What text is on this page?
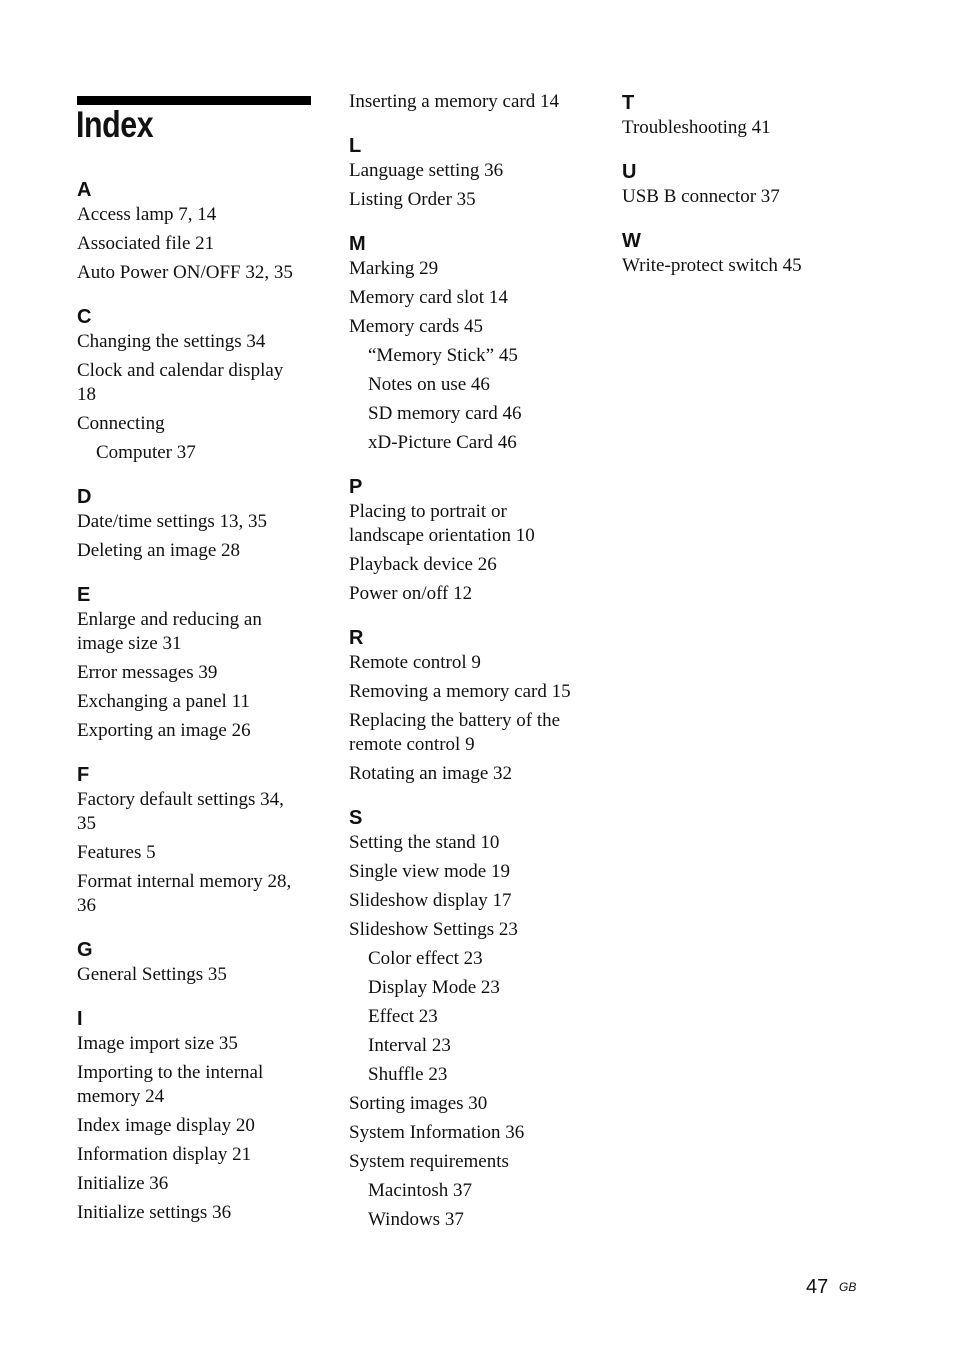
Index
A
Access lamp 7, 14
Associated file 21
Auto Power ON/OFF 32, 35
C
Changing the settings 34
Clock and calendar display
18
Connecting
Computer 37
D
Date/time settings 13, 35
Deleting an image 28
E
Enlarge and reducing an
image size 31
Error messages 39
Exchanging a panel 11
Exporting an image 26
F
Factory default settings 34,
35
Features 5
Format internal memory 28,
36
G
General Settings 35
I
Image import size 35
Importing to the internal
memory 24
Index image display 20
Information display 21
Initialize 36
Initialize settings 36
Inserting a memory card 14
L
Language setting 36
Listing Order 35
M
Marking 29
Memory card slot 14
Memory cards 45
“Memory Stick” 45
Notes on use 46
SD memory card 46
xD-Picture Card 46
P
Placing to portrait or
landscape orientation 10
Playback device 26
Power on/off 12
R
Remote control 9
Removing a memory card 15
Replacing the battery of the
remote control 9
Rotating an image 32
S
Setting the stand 10
Single view mode 19
Slideshow display 17
Slideshow Settings 23
Color effect 23
Display Mode 23
Effect 23
Interval 23
Shuffle 23
Sorting images 30
System Information 36
System requirements
Macintosh 37
Windows 37
T
Troubleshooting 41
U
USB B connector 37
W
Write-protect switch 45
47 GB
